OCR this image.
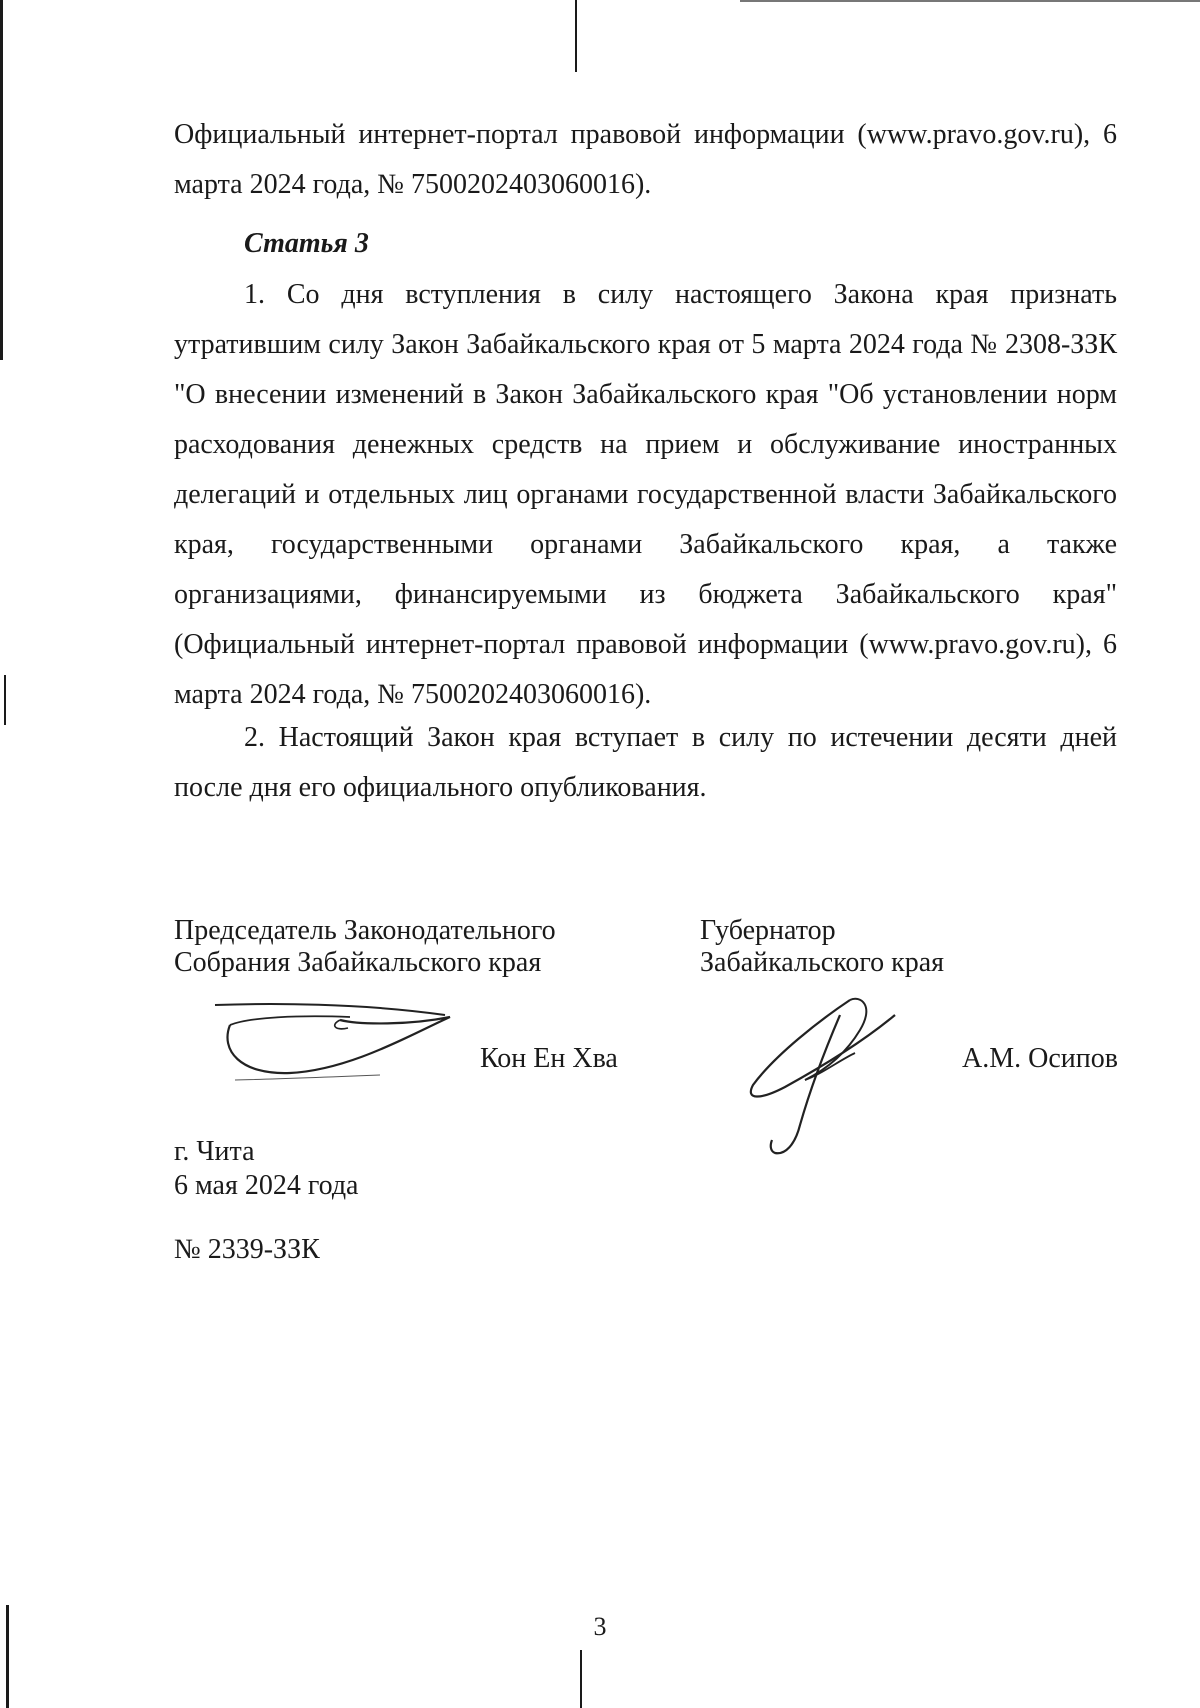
Официальный интернет-портал правовой информации (www.pravo.gov.ru), 6 марта 2024 года, № 7500202403060016).

Статья 3

1. Со дня вступления в силу настоящего Закона края признать утратившим силу Закон Забайкальского края от 5 марта 2024 года № 2308-ЗЗК "О внесении изменений в Закон Забайкальского края "Об установлении норм расходования денежных средств на прием и обслуживание иностранных делегаций и отдельных лиц органами государственной власти Забайкальского края, государственными органами Забайкальского края, а также организациями, финансируемыми из бюджета Забайкальского края" (Официальный интернет-портал правовой информации (www.pravo.gov.ru), 6 марта 2024 года, № 7500202403060016).

2. Настоящий Закон края вступает в силу по истечении десяти дней после дня его официального опубликования.

Председатель Законодательного
Собрания Забайкальского края
Кон Ен Хва
Губернатор
Забайкальского края
А.М. Осипов
г. Чита
6 мая 2024 года
№ 2339-ЗЗК
3
